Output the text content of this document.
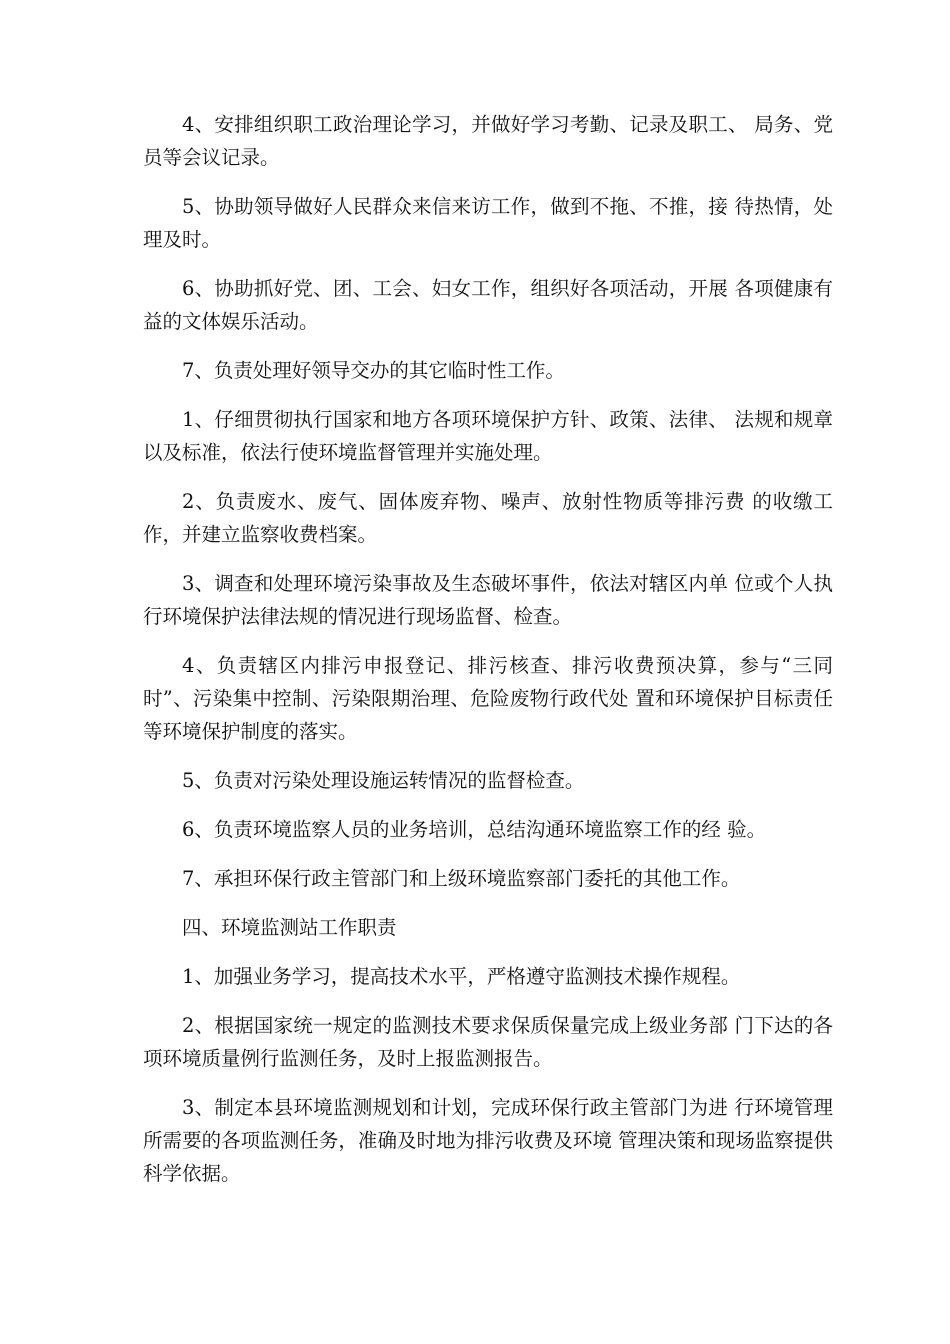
4、安排组织职工政治理论学习，并做好学习考勤、记录及职工、 局务、党员等会议记录。

5、协助领导做好人民群众来信来访工作，做到不拖、不推，接 待热情，处理及时。

6、协助抓好党、团、工会、妇女工作，组织好各项活动，开展 各项健康有益的文体娱乐活动。

7、负责处理好领导交办的其它临时性工作。

1、仔细贯彻执行国家和地方各项环境保护方针、政策、法律、 法规和规章以及标准，依法行使环境监督管理并实施处理。

2、负责废水、废气、固体废弃物、噪声、放射性物质等排污费 的收缴工作，并建立监察收费档案。

3、调查和处理环境污染事故及生态破坏事件，依法对辖区内单 位或个人执行环境保护法律法规的情况进行现场监督、检查。

4、负责辖区内排污申报登记、排污核查、排污收费预决算，参与“三同时”、污染集中控制、污染限期治理、危险废物行政代处 置和环境保护目标责任等环境保护制度的落实。

5、负责对污染处理设施运转情况的监督检查。

6、负责环境监察人员的业务培训，总结沟通环境监察工作的经 验。

7、承担环保行政主管部门和上级环境监察部门委托的其他工作。

四、环境监测站工作职责

1、加强业务学习，提高技术水平，严格遵守监测技术操作规程。

2、根据国家统一规定的监测技术要求保质保量完成上级业务部 门下达的各项环境质量例行监测任务，及时上报监测报告。

3、制定本县环境监测规划和计划，完成环保行政主管部门为进 行环境管理所需要的各项监测任务，准确及时地为排污收费及环境 管理决策和现场监察提供科学依据。
